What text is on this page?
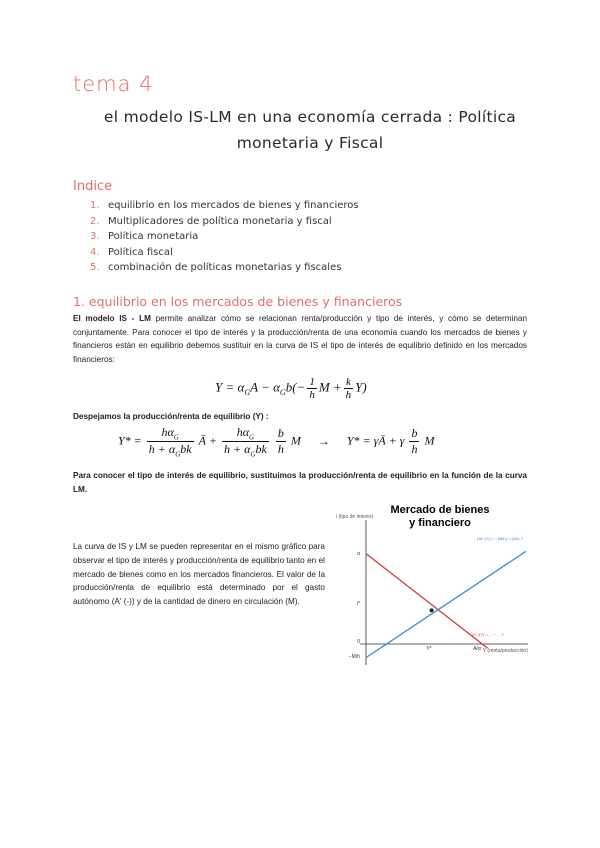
tema 4
el modelo IS-LM en una economía cerrada : Política
monetaria y Fiscal
Indice
1. equilibrio en los mercados de bienes y financieros
2. Multiplicadores de política monetaria y fiscal
3. Política monetaria
4. Política fiscal
5. combinación de políticas monetarias y fiscales
1. equilibrio en los mercados de bienes y financieros
El modelo IS - LM permite analizar cómo se relacionan renta/producción y tipo de interés, y cómo se determinan conjuntamente. Para conocer el tipo de interés y la producción/renta de una economía cuando los mercados de bienes y financieros están en equilibrio debemos sustituir en la curva de IS el tipo de interés de equilibrio definido en los mercados financieros:
$Y = \alpha_GA - \alpha_Gb(- \frac{1}{h}$ $M + \frac{k}{h} Y$)
Despejamos la producción/renta de equilibrio (Y) :
$Y* = \frac{h\alpha_G}{h + \alpha_Gbk}$ Ā + $\frac{h\alpha_G}{h + \alpha_Gbk}$
$\frac{b}{h}$ M → Y* = γĀ + γ $\frac{b}{h}$ M
Para conocer el tipo de interés de equilibrio, sustituimos la producción/renta de equilibrio en la función de la curva LM.
La curva de IS y LM se pueden representar en el mismo gráfico para observar el tipo de interés y producción/renta de equilibrio tanto en el mercado de bienes como en los mercados financieros. El valor de la producción/renta de equilibrio está determinado por el gasto autónomo (A' (-)) y de la cantidad de dinero en circulación (M).
Mercado de bienes
y financiero
i (tipo de interés)
Y (renta/producción)
α
i*
0
−M/h
Y*	A/α
LM: i(Y) = −(M/h) + (k/h) Y
IS: i(Y) = ... − ... Y
